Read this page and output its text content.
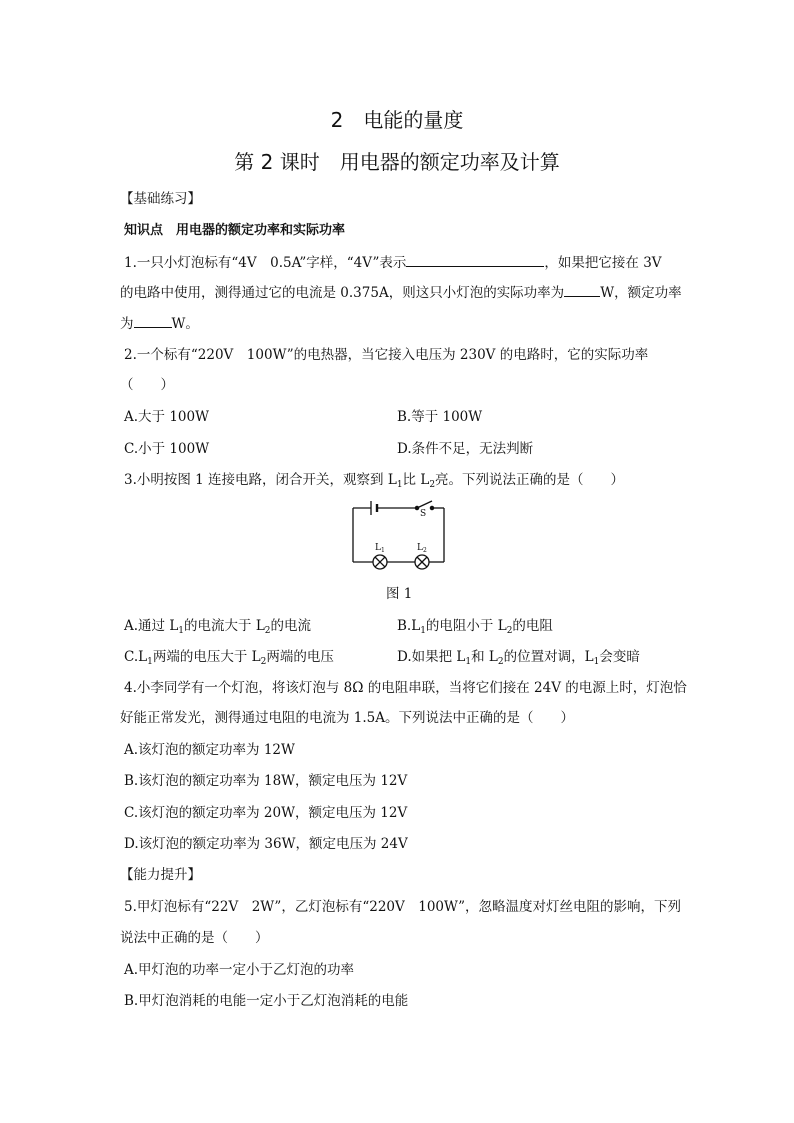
2　电能的量度
第 2 课时　用电器的额定功率及计算
【基础练习】
知识点　用电器的额定功率和实际功率
1.一只小灯泡标有“4V　0.5A”字样，“4V”表示	，如果把它接在 3V
的电路中使用，测得通过它的电流是 0.375A，则这只小灯泡的实际功率为	W，额定功率
为	W。
2.一个标有“220V　100W”的电热器，当它接入电压为 230V 的电路时，它的实际功率
（　　）
A.大于 100W	B.等于 100W
C.小于 100W	D.条件不足，无法判断
3.小明按图 1 连接电路，闭合开关，观察到 $L_1$比 $L_2$亮。下列说法正确的是（　　）
S
$L_1$	$L_2$
图 1
A.通过 $L_1$的电流大于 $L_2$的电流	$B.L_1$的电阻小于 $L_2$的电阻
$C.L_1$两端的电压大于 $L_2$两端的电压	D.如果把 $L_1$和 $L_2$的位置对调，$L_1$会变暗
4.小李同学有一个灯泡，将该灯泡与 8Ω 的电阻串联，当将它们接在 24V 的电源上时，灯泡恰
好能正常发光，测得通过电阻的电流为 1.5A。下列说法中正确的是（　　）
A.该灯泡的额定功率为 12W
B.该灯泡的额定功率为 18W，额定电压为 12V
C.该灯泡的额定功率为 20W，额定电压为 12V
D.该灯泡的额定功率为 36W，额定电压为 24V
【能力提升】
5.甲灯泡标有“22V　2W”，乙灯泡标有“220V　100W”，忽略温度对灯丝电阻的影响，下列
说法中正确的是（　　）
A.甲灯泡的功率一定小于乙灯泡的功率
B.甲灯泡消耗的电能一定小于乙灯泡消耗的电能
